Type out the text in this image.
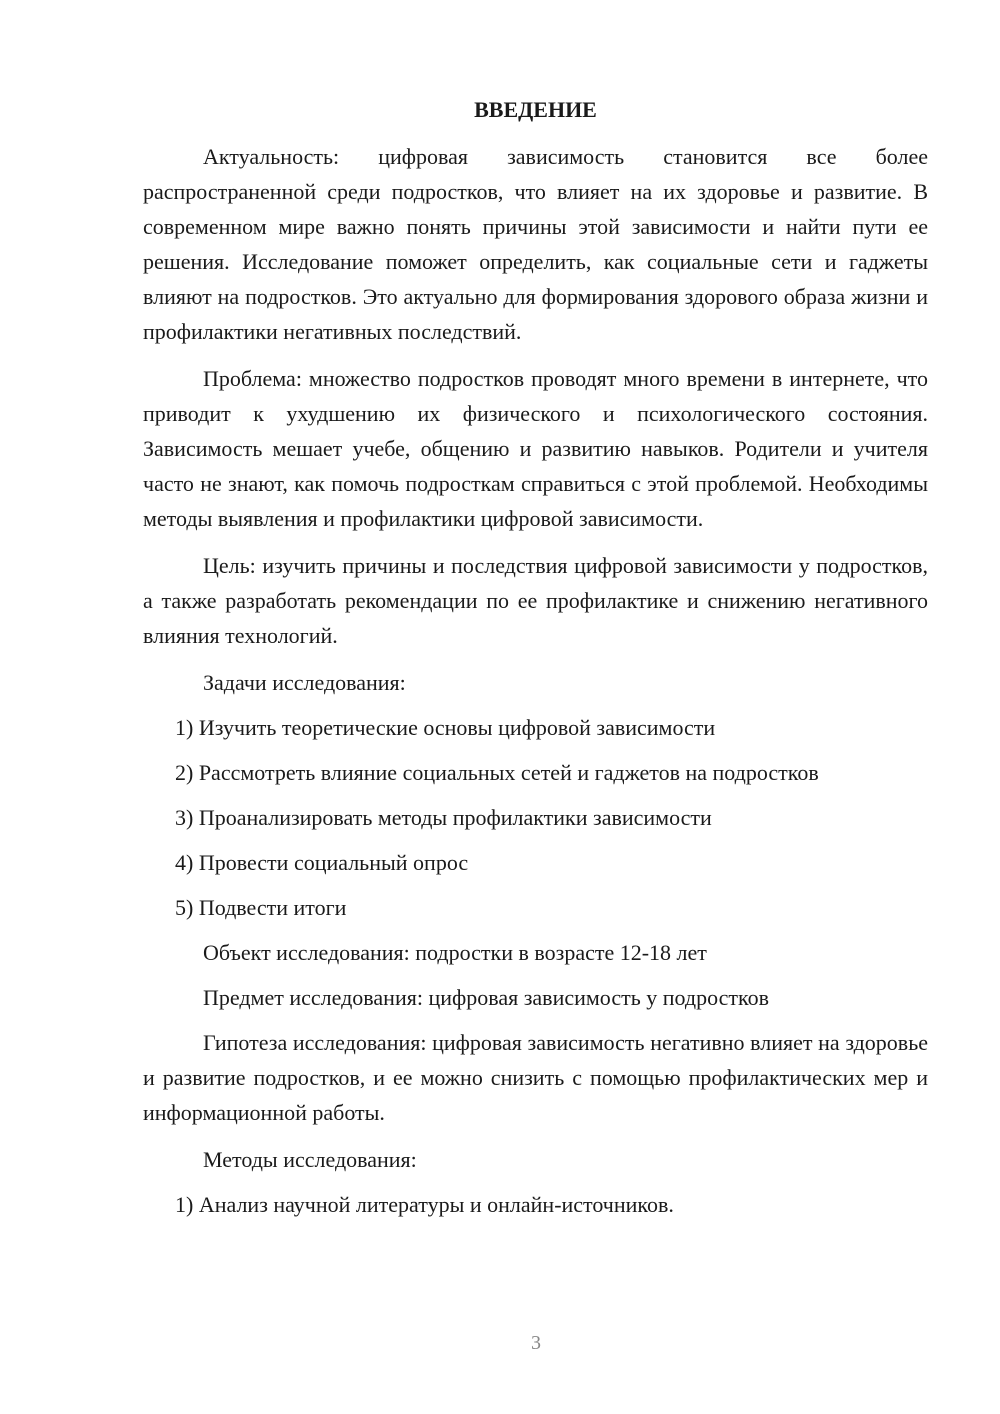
ВВЕДЕНИЕ

Актуальность: цифровая зависимость становится все более распространенной среди подростков, что влияет на их здоровье и развитие. В современном мире важно понять причины этой зависимости и найти пути ее решения. Исследование поможет определить, как социальные сети и гаджеты влияют на подростков. Это актуально для формирования здорового образа жизни и профилактики негативных последствий.

Проблема: множество подростков проводят много времени в интернете, что приводит к ухудшению их физического и психологического состояния. Зависимость мешает учебе, общению и развитию навыков. Родители и учителя часто не знают, как помочь подросткам справиться с этой проблемой. Необходимы методы выявления и профилактики цифровой зависимости.

Цель: изучить причины и последствия цифровой зависимости у подростков, а также разработать рекомендации по ее профилактике и снижению негативного влияния технологий.

Задачи исследования:
1) Изучить теоретические основы цифровой зависимости
2) Рассмотреть влияние социальных сетей и гаджетов на подростков
3) Проанализировать методы профилактики зависимости
4) Провести социальный опрос
5) Подвести итоги
Объект исследования: подростки в возрасте 12-18 лет
Предмет исследования: цифровая зависимость у подростков

Гипотеза исследования: цифровая зависимость негативно влияет на здоровье и развитие подростков, и ее можно снизить с помощью профилактических мер и информационной работы.

Методы исследования:
1) Анализ научной литературы и онлайн-источников.
3
